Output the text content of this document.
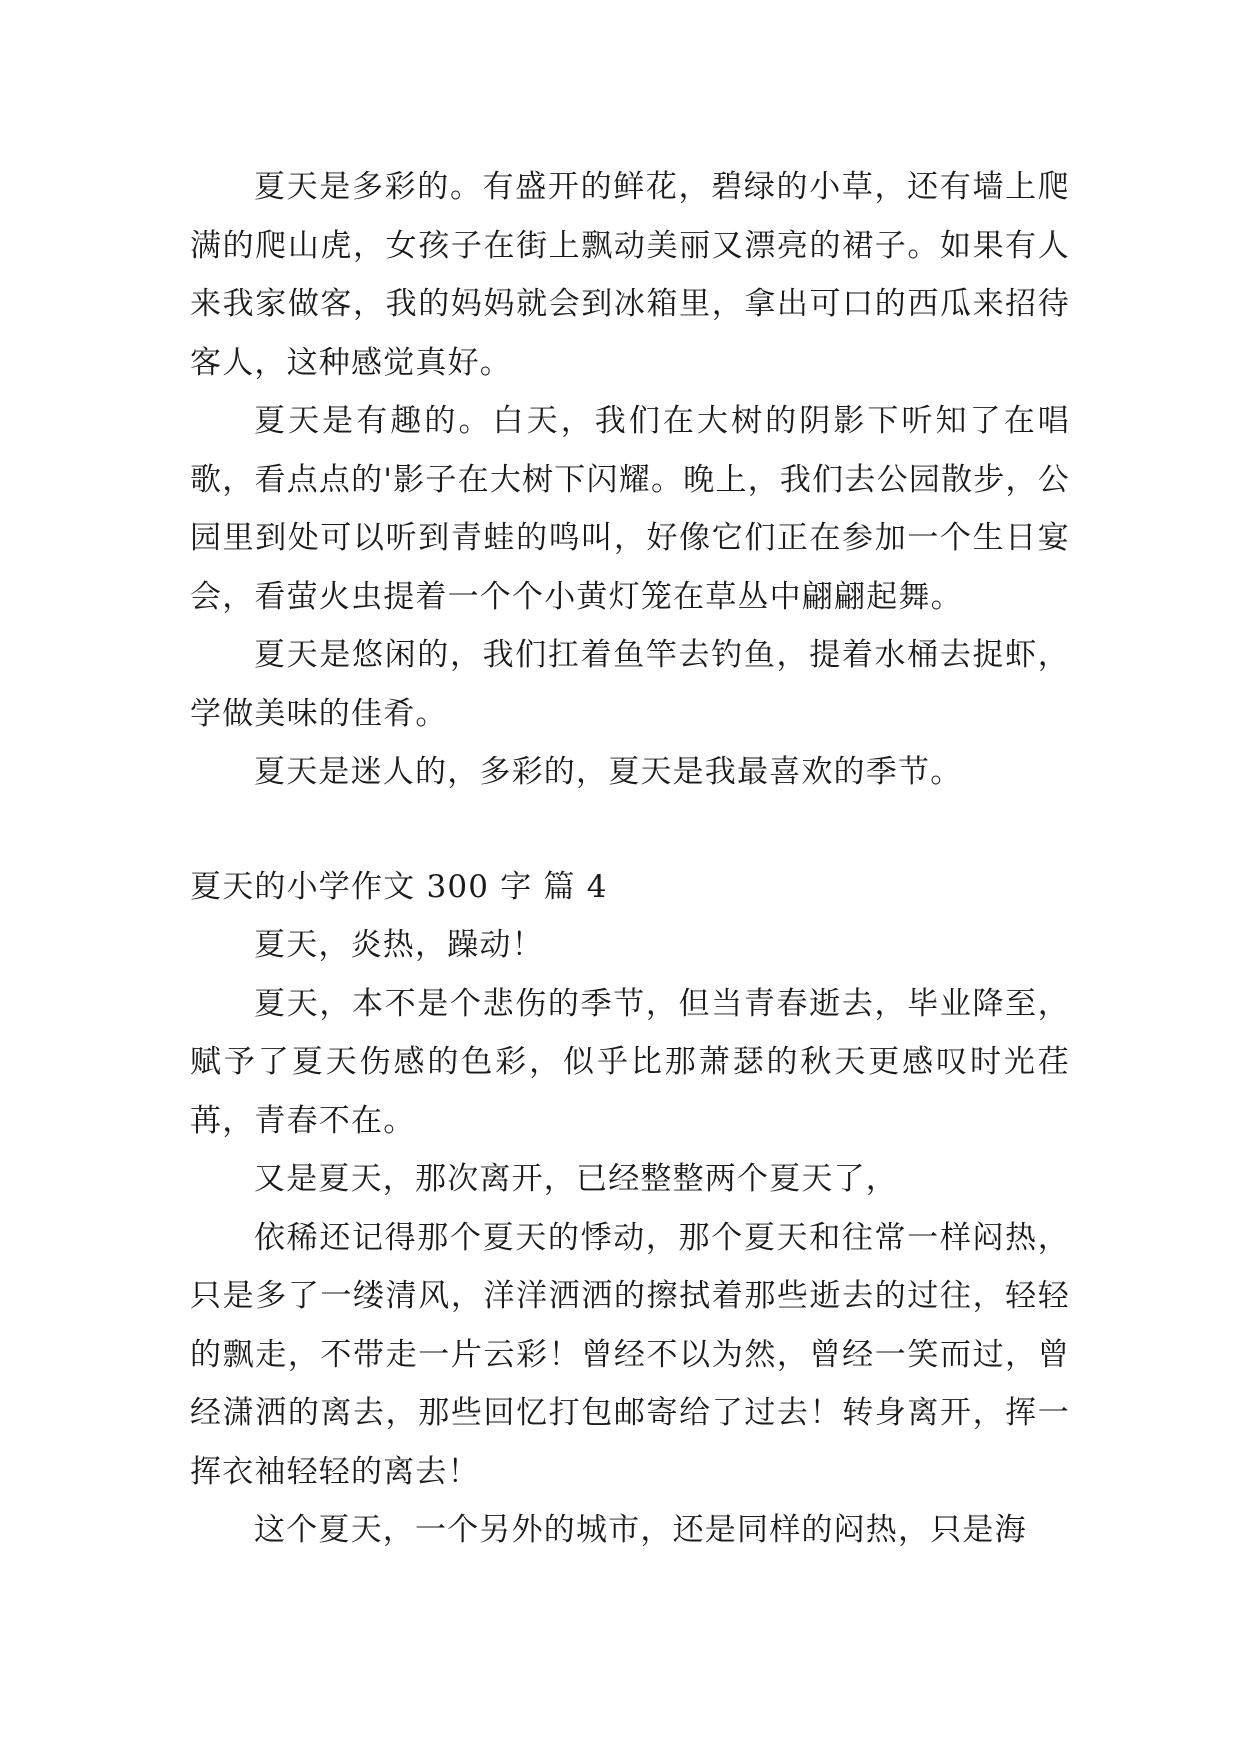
夏天是多彩的。有盛开的鲜花，碧绿的小草，还有墙上爬满的爬山虎，女孩子在街上飘动美丽又漂亮的裙子。如果有人来我家做客，我的妈妈就会到冰箱里，拿出可口的西瓜来招待客人，这种感觉真好。

夏天是有趣的。白天，我们在大树的阴影下听知了在唱歌，看点点的'影子在大树下闪耀。晚上，我们去公园散步，公园里到处可以听到青蛙的鸣叫，好像它们正在参加一个生日宴会，看萤火虫提着一个个小黄灯笼在草丛中翩翩起舞。

夏天是悠闲的，我们扛着鱼竿去钓鱼，提着水桶去捉虾，学做美味的佳肴。

夏天是迷人的，多彩的，夏天是我最喜欢的季节。

夏天的小学作文 300 字 篇 4

夏天，炎热，躁动！

夏天，本不是个悲伤的季节，但当青春逝去，毕业降至，赋予了夏天伤感的色彩，似乎比那萧瑟的秋天更感叹时光荏苒，青春不在。

又是夏天，那次离开，已经整整两个夏天了，

依稀还记得那个夏天的悸动，那个夏天和往常一样闷热，只是多了一缕清风，洋洋洒洒的擦拭着那些逝去的过往，轻轻的飘走，不带走一片云彩！曾经不以为然，曾经一笑而过，曾经潇洒的离去，那些回忆打包邮寄给了过去！转身离开，挥一挥衣袖轻轻的离去！

这个夏天，一个另外的城市，还是同样的闷热，只是海
